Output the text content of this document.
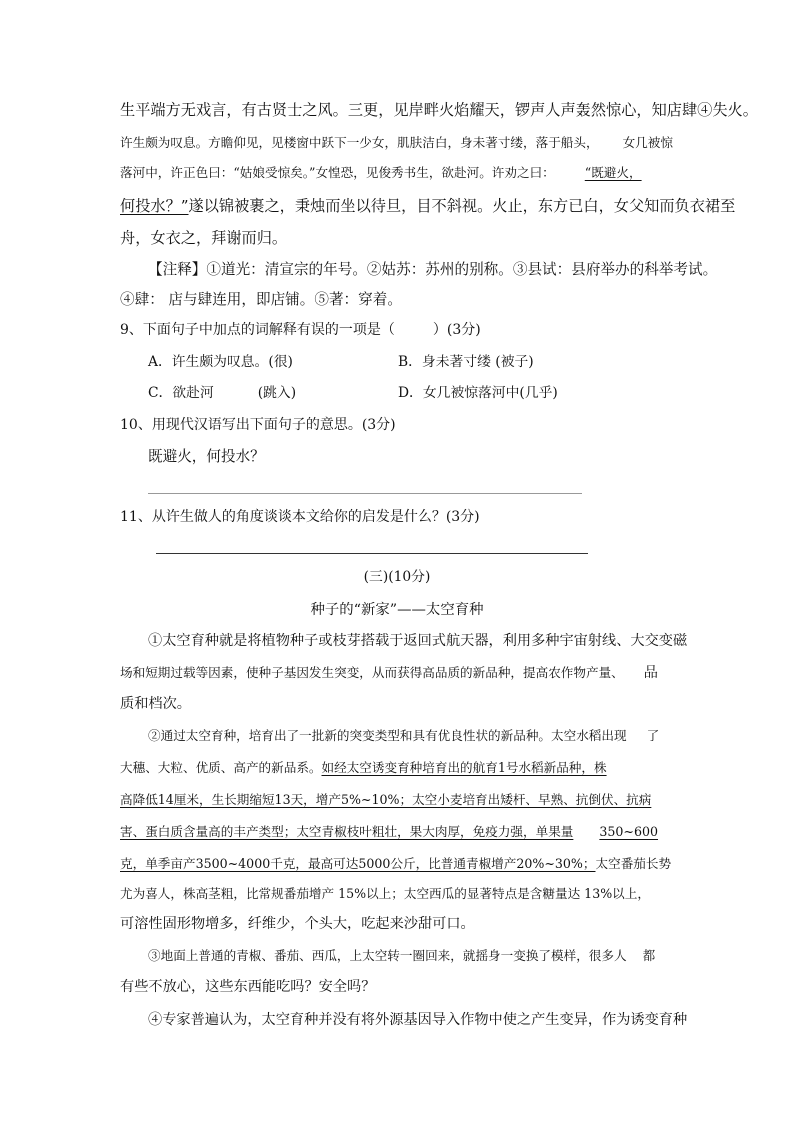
生平端方无戏言，有古贤士之风。三更，见岸畔火焰耀天，锣声人声轰然惊心，知店肆④失火。
许生颇为叹息。方瞻仰见，见楼窗中跃下一少女，肌肤洁白，身未著寸缕，落于船头， 女几被惊
落河中，许正色曰：“姑娘受惊矣。”女惶恐，见俊秀书生，欲赴河。许劝之曰： “既避火，
何投水？”遂以锦被裹之，秉烛而坐以待旦，目不斜视。火止，东方已白，女父知而负衣裙至
舟，女衣之，拜谢而归。
【注释】①道光：清宣宗的年号。②姑苏：苏州的别称。③县试：县府举办的科举考试。
④肆： 店与肆连用，即店铺。⑤著：穿着。
9、下面句子中加点的词解释有误的一项是（	）(3分)
A．许生颇为叹息。(很)	B．身未著寸缕 (被子)
C．欲赴河	(跳入)	D．女几被惊落河中(几乎)
10、用现代汉语写出下面句子的意思。(3分)
既避火，何投水？
11、从许生做人的角度谈谈本文给你的启发是什么？(3分)
(三)(10分)
种子的“新家”——太空育种
①太空育种就是将植物种子或枝芽搭载于返回式航天器，利用多种宇宙射线、大交变磁
场和短期过载等因素，使种子基因发生突变，从而获得高品质的新品种，提高农作物产量、 品
质和档次。
②通过太空育种，培育出了一批新的突变类型和具有优良性状的新品种。太空水稻出现 了
大穗、大粒、优质、高产的新品系。如经太空诱变育种培育出的航育1号水稻新品种，株
高降低14厘米，生长期缩短13天，增产5%~10%；太空小麦培育出矮杆、早熟、抗倒伏、抗病
害、蛋白质含量高的丰产类型；太空青椒枝叶粗壮，果大肉厚，免疫力强，单果量 350~600
克，单季亩产3500~4000千克，最高可达5000公斤，比普通青椒增产20%~30%；太空番茄长势
尤为喜人，株高茎粗，比常规番茄增产 15%以上；太空西瓜的显著特点是含糖量达 13%以上，
可溶性固形物增多，纤维少，个头大，吃起来沙甜可口。
③地面上普通的青椒、番茄、西瓜，上太空转一圈回来，就摇身一变换了模样，很多人 都
有些不放心，这些东西能吃吗？安全吗？
④专家普遍认为，太空育种并没有将外源基因导入作物中使之产生变异，作为诱变育种
